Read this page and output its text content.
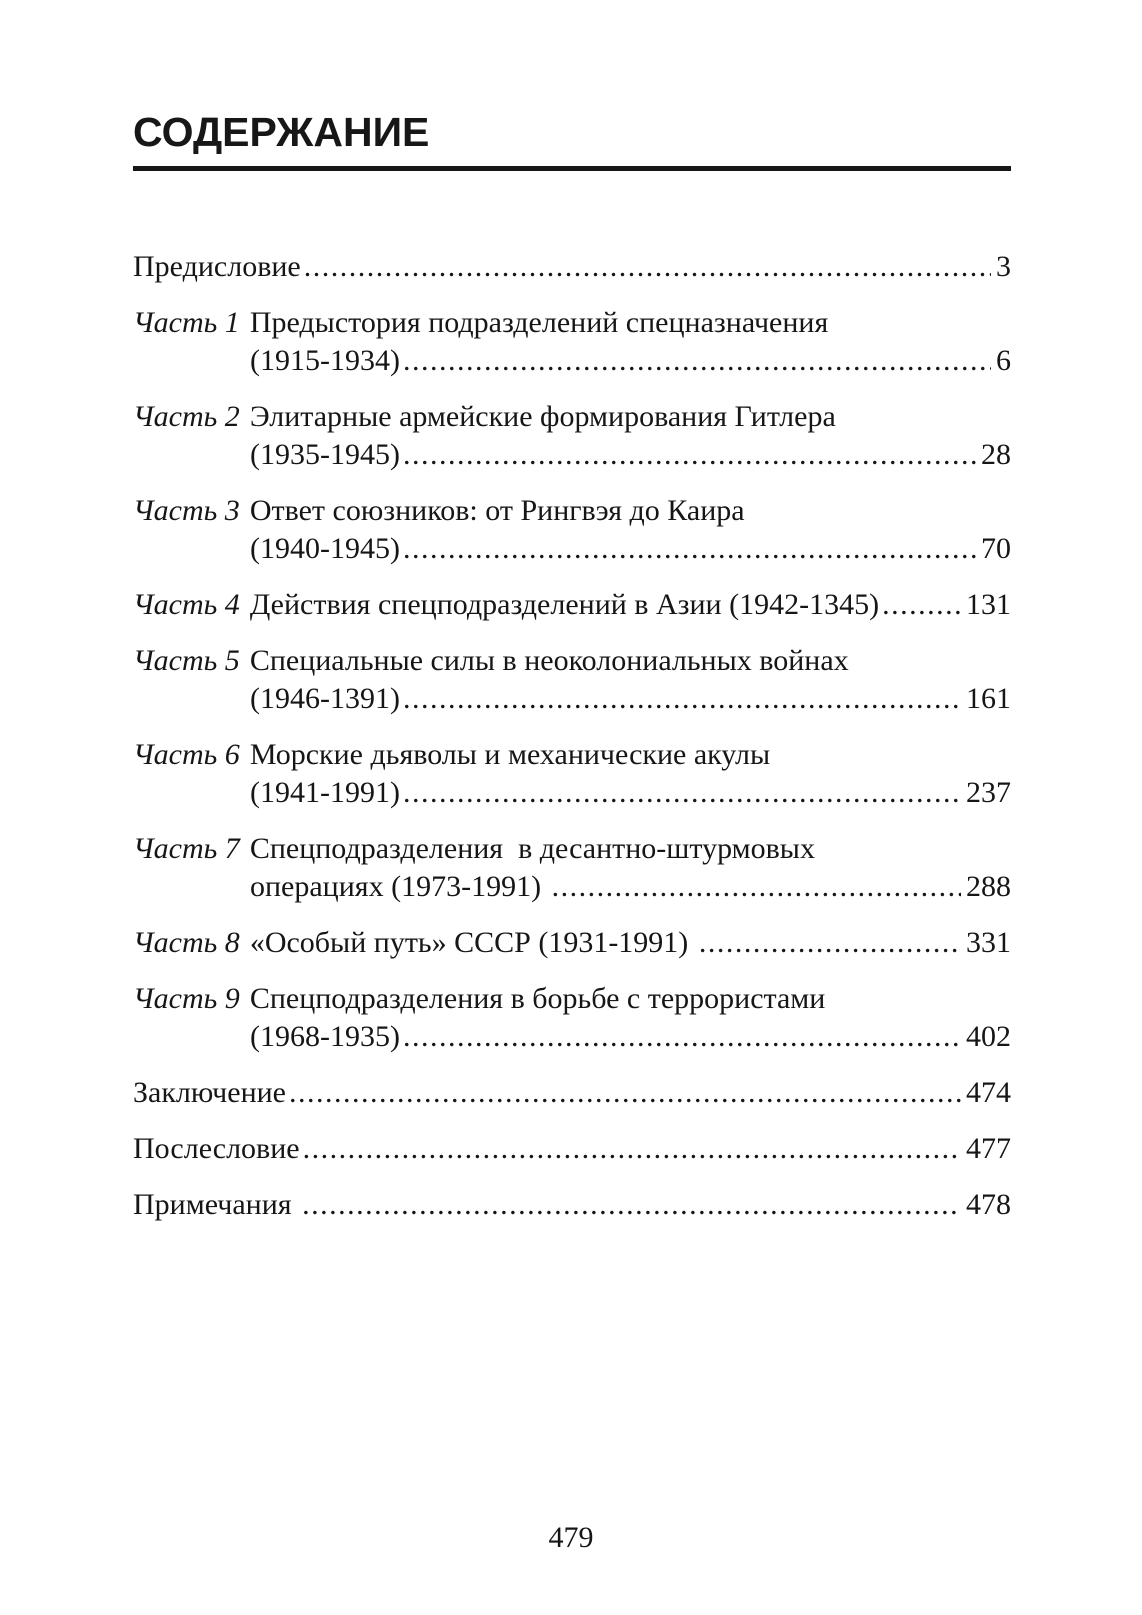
СОДЕРЖАНИЕ
Предисловие .....	3
Часть 1 Предыстория подразделений спецназначения
(1915-1934) .....	6
Часть 2 Элитарные армейские формирования Гитлера
(1935-1945) .....	28
Часть 3 Ответ союзников: от Рингвэя до Каира
(1940-1945) .....	70
Часть 4 Действия спецподразделений в Азии (1942-1345) .....	131
Часть 5 Специальные силы в неоколониальных войнах
(1946-1391) .....	161
Часть 6 Морские дьяволы и механические акулы
(1941-1991) .....	237
Часть 7 Спецподразделения  в десантно-штурмовых
операциях (1973-1991) .....	288
Часть 8 «Особый путь» СССР (1931-1991) .....	331
Часть 9 Спецподразделения в борьбе с террористами
(1968-1935) .....	402
Заключение .....	474
Послесловие .....	477
Примечания .....	478
479
